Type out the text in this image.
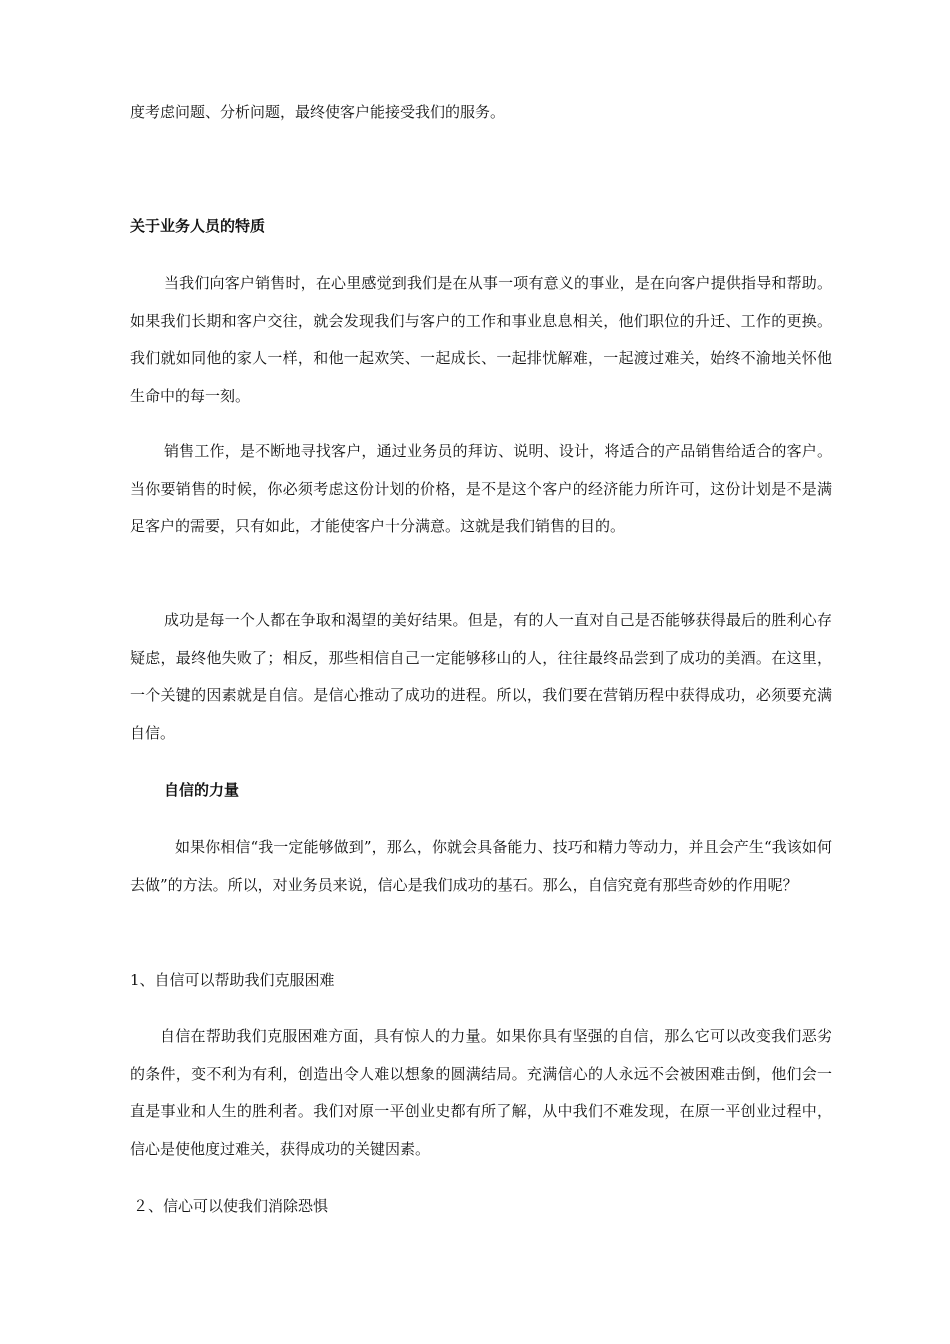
度考虑问题、分析问题，最终使客户能接受我们的服务。
关于业务人员的特质

当我们向客户销售时，在心里感觉到我们是在从事一项有意义的事业，是在向客户提供指导和帮助。如果我们长期和客户交往，就会发现我们与客户的工作和事业息息相关，他们职位的升迁、工作的更换。我们就如同他的家人一样，和他一起欢笑、一起成长、一起排忧解难，一起渡过难关，始终不渝地关怀他生命中的每一刻。

销售工作，是不断地寻找客户，通过业务员的拜访、说明、设计，将适合的产品销售给适合的客户。当你要销售的时候，你必须考虑这份计划的价格，是不是这个客户的经济能力所许可，这份计划是不是满足客户的需要，只有如此，才能使客户十分满意。这就是我们销售的目的。

成功是每一个人都在争取和渴望的美好结果。但是，有的人一直对自己是否能够获得最后的胜利心存疑虑，最终他失败了；相反，那些相信自己一定能够移山的人，往往最终品尝到了成功的美酒。在这里，一个关键的因素就是自信。是信心推动了成功的进程。所以，我们要在营销历程中获得成功，必须要充满自信。

自信的力量

如果你相信“我一定能够做到”，那么，你就会具备能力、技巧和精力等动力，并且会产生“我该如何去做”的方法。所以，对业务员来说，信心是我们成功的基石。那么，自信究竟有那些奇妙的作用呢？

1、自信可以帮助我们克服困难

自信在帮助我们克服困难方面，具有惊人的力量。如果你具有坚强的自信，那么它可以改变我们恶劣的条件，变不利为有利，创造出令人难以想象的圆满结局。充满信心的人永远不会被困难击倒，他们会一直是事业和人生的胜利者。我们对原一平创业史都有所了解，从中我们不难发现，在原一平创业过程中，信心是使他度过难关，获得成功的关键因素。

２、信心可以使我们消除恐惧
